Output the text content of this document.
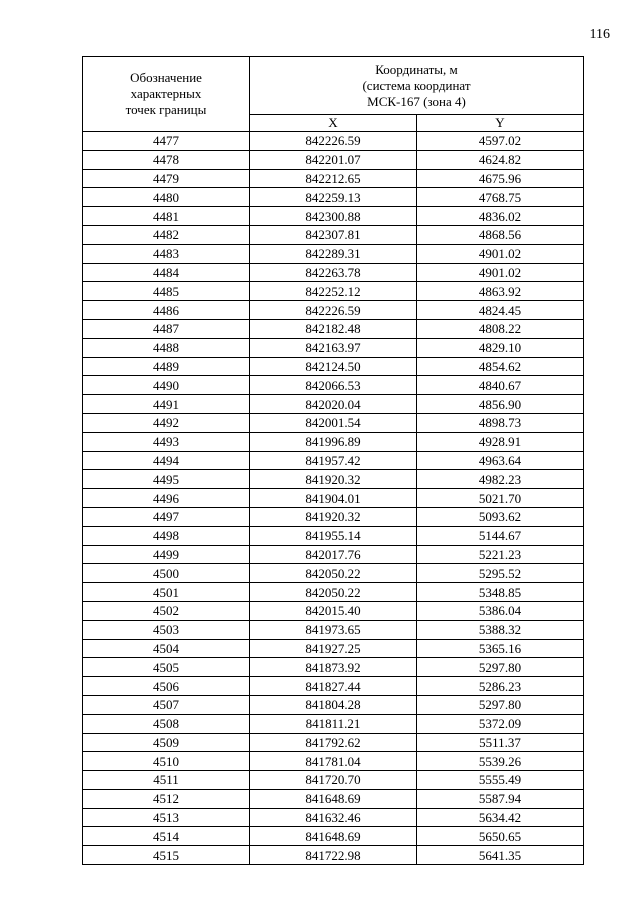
116
Обозначение
характерных
точек границы	Координаты, м
(система координат
МСК-167 (зона 4)	

	X	Y
4477	842226.59	4597.02
4478	842201.07	4624.82
4479	842212.65	4675.96
4480	842259.13	4768.75
4481	842300.88	4836.02
4482	842307.81	4868.56
4483	842289.31	4901.02
4484	842263.78	4901.02
4485	842252.12	4863.92
4486	842226.59	4824.45
4487	842182.48	4808.22
4488	842163.97	4829.10
4489	842124.50	4854.62
4490	842066.53	4840.67
4491	842020.04	4856.90
4492	842001.54	4898.73
4493	841996.89	4928.91
4494	841957.42	4963.64
4495	841920.32	4982.23
4496	841904.01	5021.70
4497	841920.32	5093.62
4498	841955.14	5144.67
4499	842017.76	5221.23
4500	842050.22	5295.52
4501	842050.22	5348.85
4502	842015.40	5386.04
4503	841973.65	5388.32
4504	841927.25	5365.16
4505	841873.92	5297.80
4506	841827.44	5286.23
4507	841804.28	5297.80
4508	841811.21	5372.09
4509	841792.62	5511.37
4510	841781.04	5539.26
4511	841720.70	5555.49
4512	841648.69	5587.94
4513	841632.46	5634.42
4514	841648.69	5650.65
4515	841722.98	5641.35
